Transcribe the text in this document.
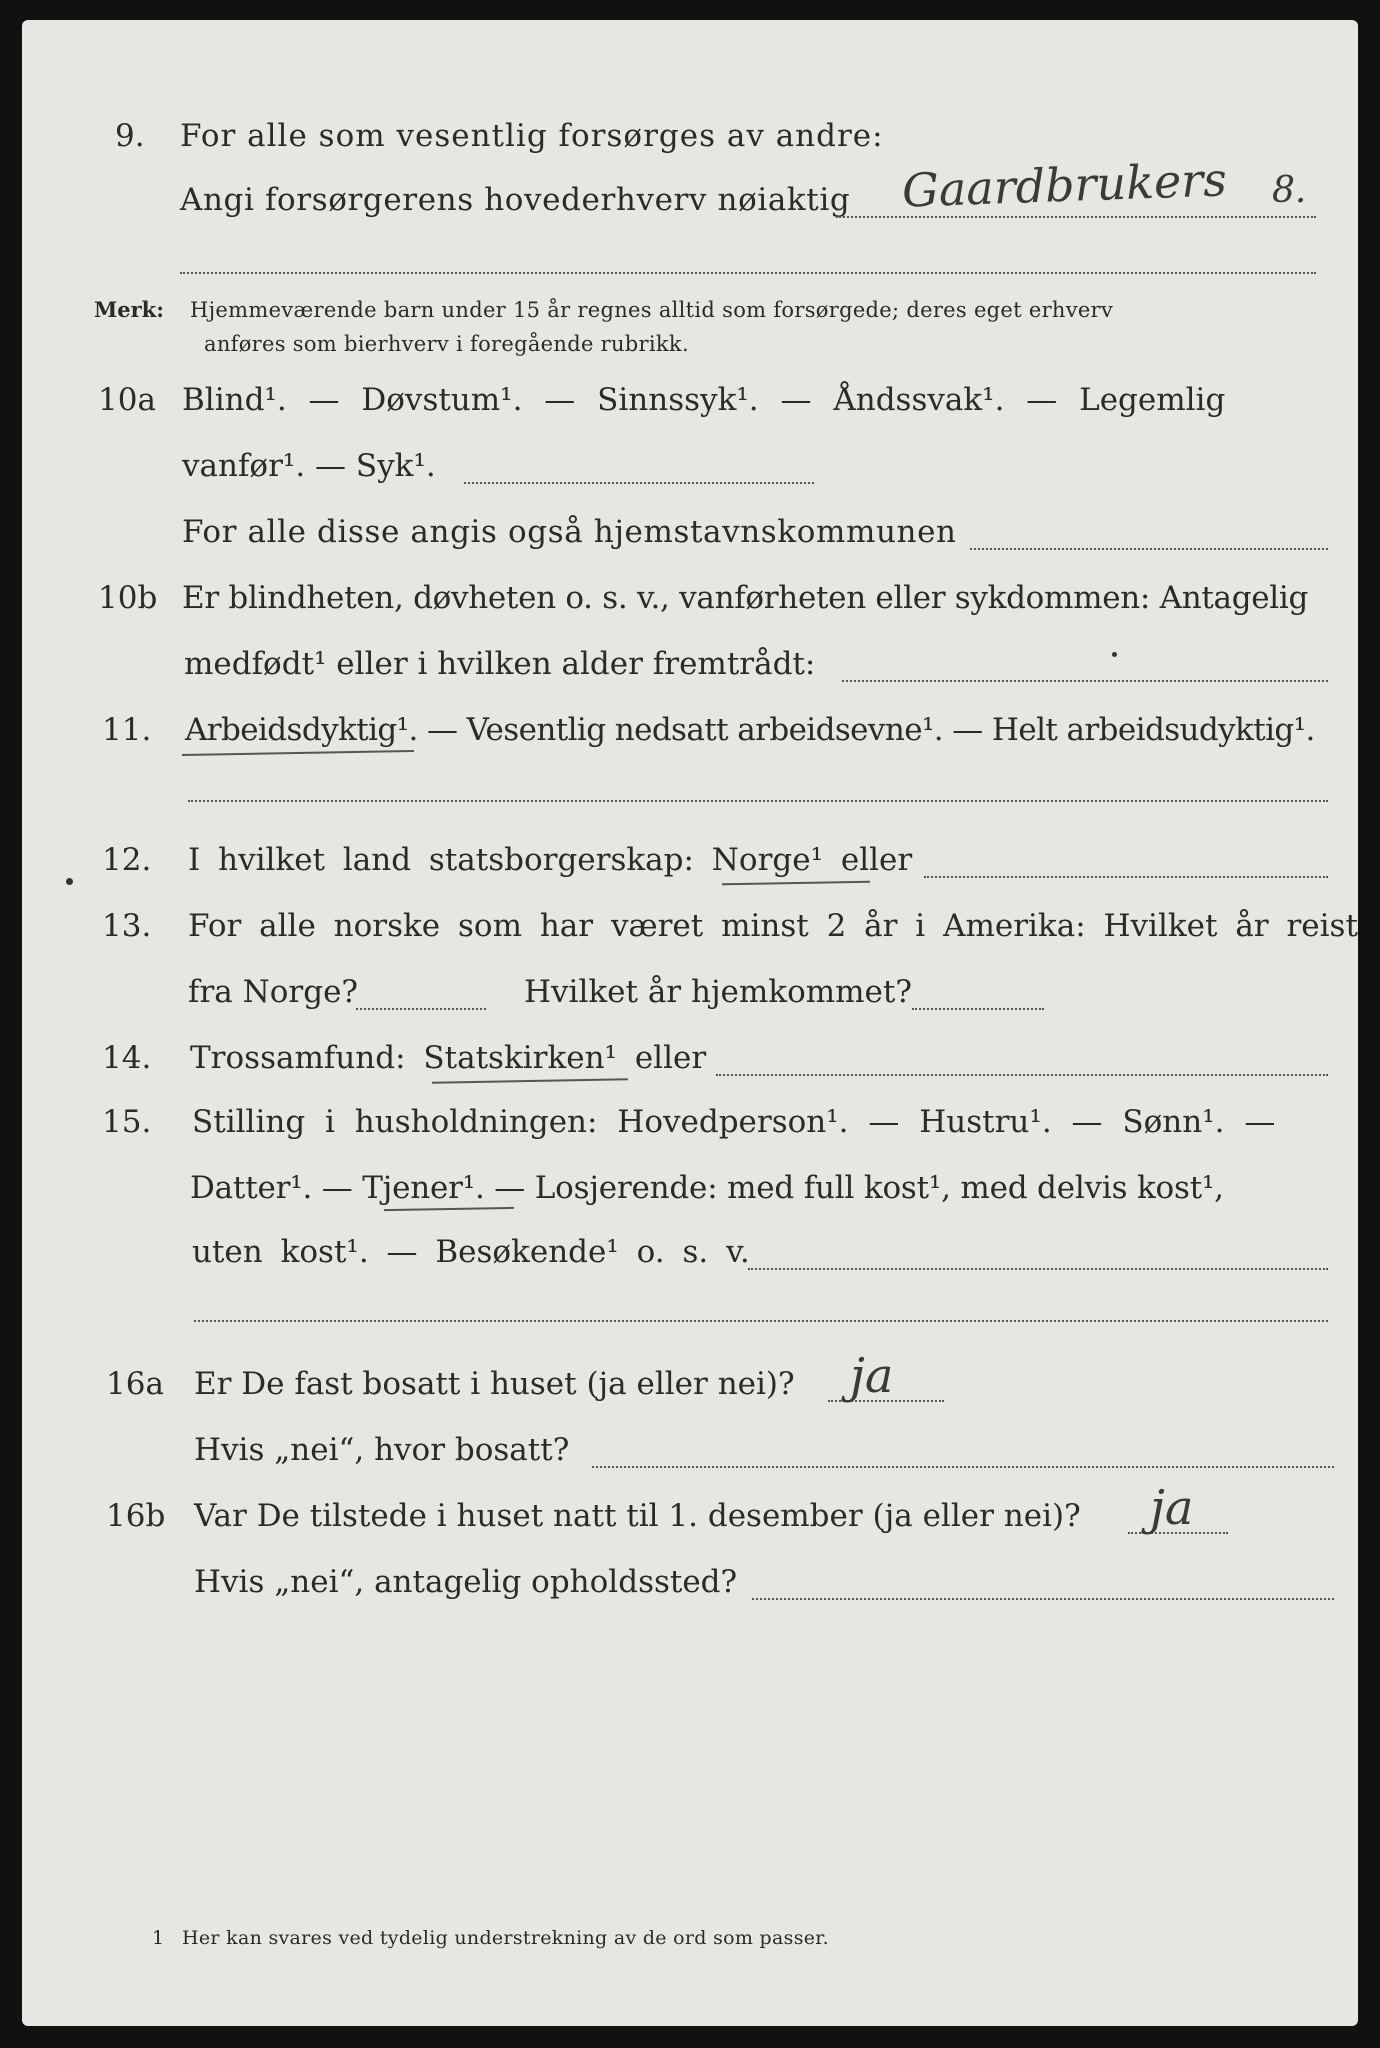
9. For alle som vesentlig forsørges av andre:
Angi forsørgerens hovederhverv nøiaktig Gaardbrukers 8.
Merk: Hjemmeværende barn under 15 år regnes alltid som forsørgede; deres eget erhverv
anføres som bierhverv i foregående rubrikk.
10a Blind¹. — Døvstum¹. — Sinnssyk¹. — Åndssvak¹. — Legemlig
vanfør¹. — Syk¹.
For alle disse angis også hjemstavnskommunen
10b Er blindheten, døvheten o. s. v., vanførheten eller sykdommen: Antagelig
medfødt¹ eller i hvilken alder fremtrådt:
11. Arbeidsdyktig¹. — Vesentlig nedsatt arbeidsevne¹. — Helt arbeidsudyktig¹.
12. I hvilket land statsborgerskap: Norge¹ eller
13. For alle norske som har været minst 2 år i Amerika: Hvilket år reist
fra Norge?	Hvilket år hjemkommet?
14. Trossamfund: Statskirken¹ eller
15. Stilling i husholdningen: Hovedperson¹. — Hustru¹. — Sønn¹. —
Datter¹. — Tjener¹. — Losjerende: med full kost¹, med delvis kost¹,
uten kost¹. — Besøkende¹ o. s. v.
16a Er De fast bosatt i huset (ja eller nei)? ja
Hvis „nei“, hvor bosatt?
16b Var De tilstede i huset natt til 1. desember (ja eller nei)? ja
Hvis „nei“, antagelig opholdssted?
1 Her kan svares ved tydelig understrekning av de ord som passer.
